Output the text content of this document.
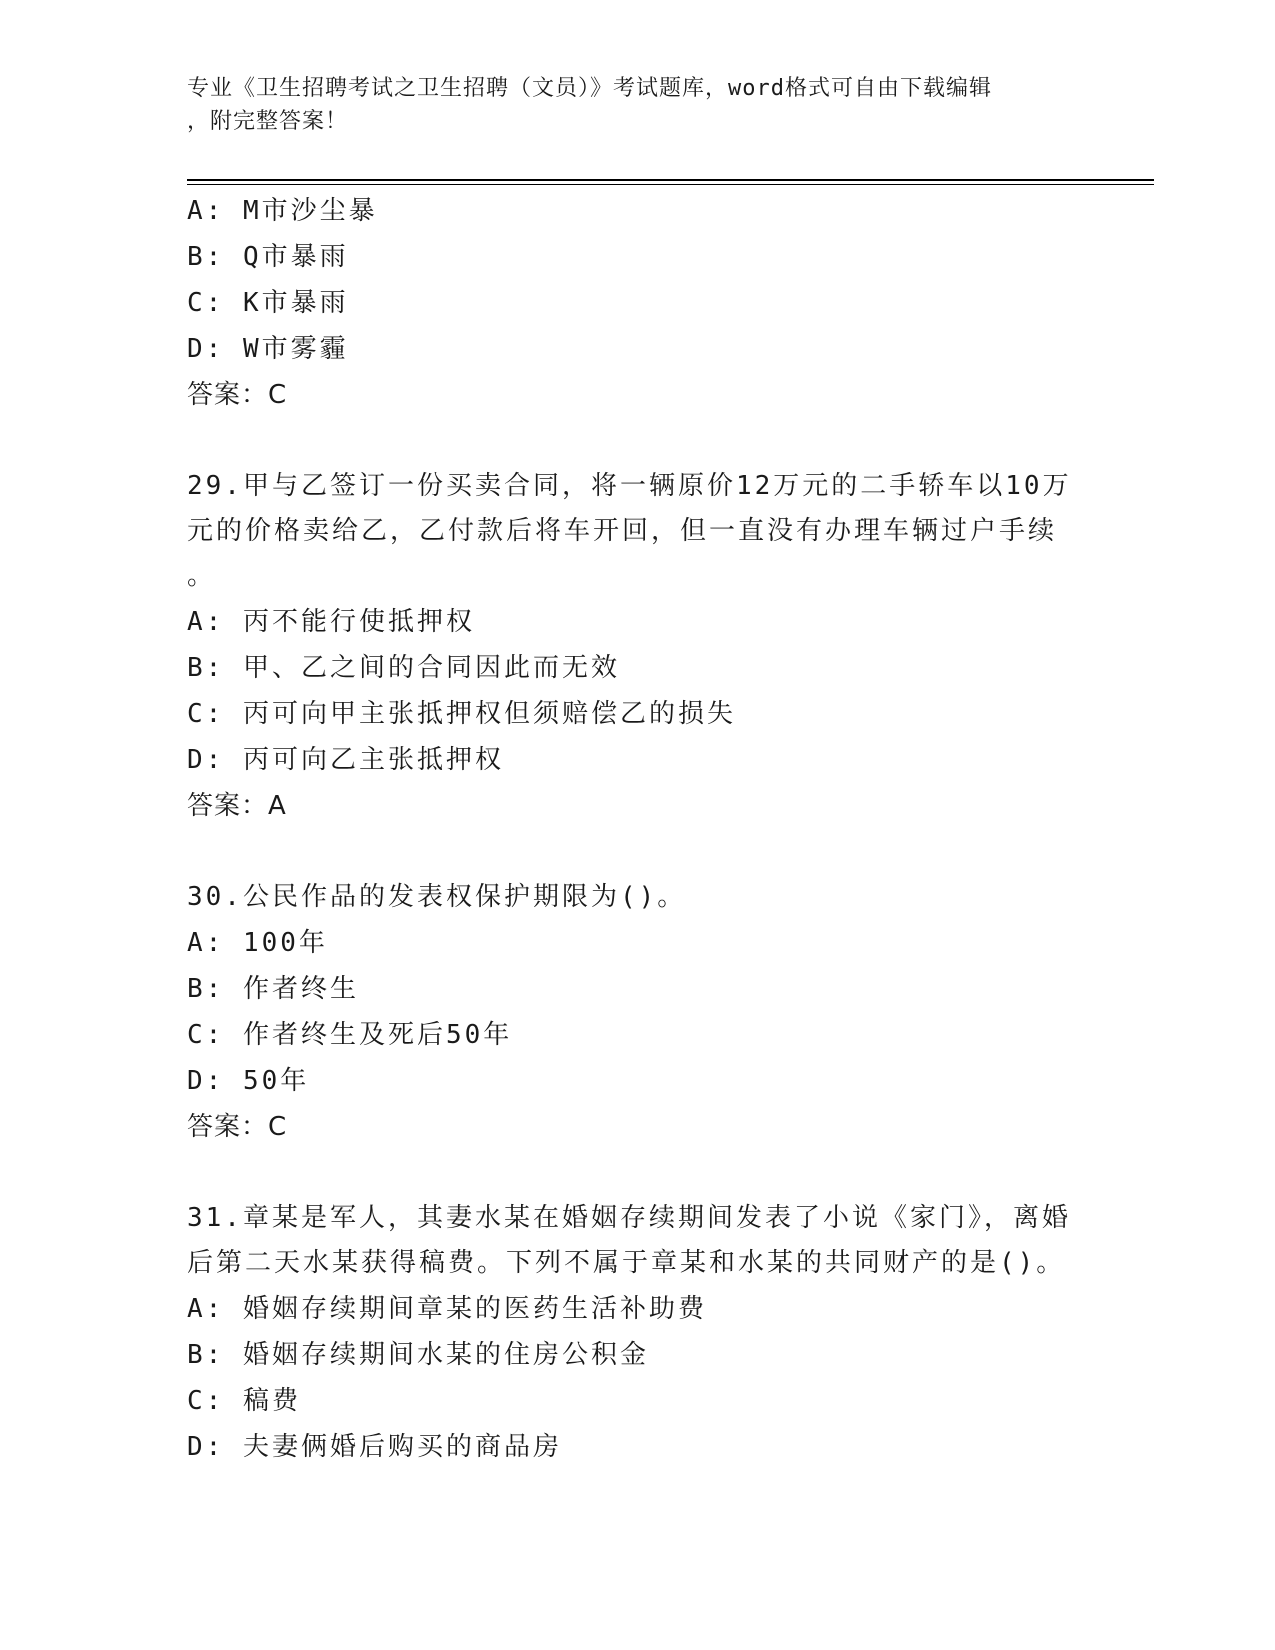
专业《卫生招聘考试之卫生招聘（文员）》考试题库，word格式可自由下载编辑
，附完整答案！
A: M市沙尘暴
B: Q市暴雨
C: K市暴雨
D: W市雾霾
答案：C
29.甲与乙签订一份买卖合同，将一辆原价12万元的二手轿车以10万
元的价格卖给乙，乙付款后将车开回，但一直没有办理车辆过户手续
。
A: 丙不能行使抵押权
B: 甲、乙之间的合同因此而无效
C: 丙可向甲主张抵押权但须赔偿乙的损失
D: 丙可向乙主张抵押权
答案：A
30.公民作品的发表权保护期限为()。
A: 100年
B: 作者终生
C: 作者终生及死后50年
D: 50年
答案：C
31.章某是军人，其妻水某在婚姻存续期间发表了小说《家门》，离婚
后第二天水某获得稿费。下列不属于章某和水某的共同财产的是()。
A: 婚姻存续期间章某的医药生活补助费
B: 婚姻存续期间水某的住房公积金
C: 稿费
D: 夫妻俩婚后购买的商品房
